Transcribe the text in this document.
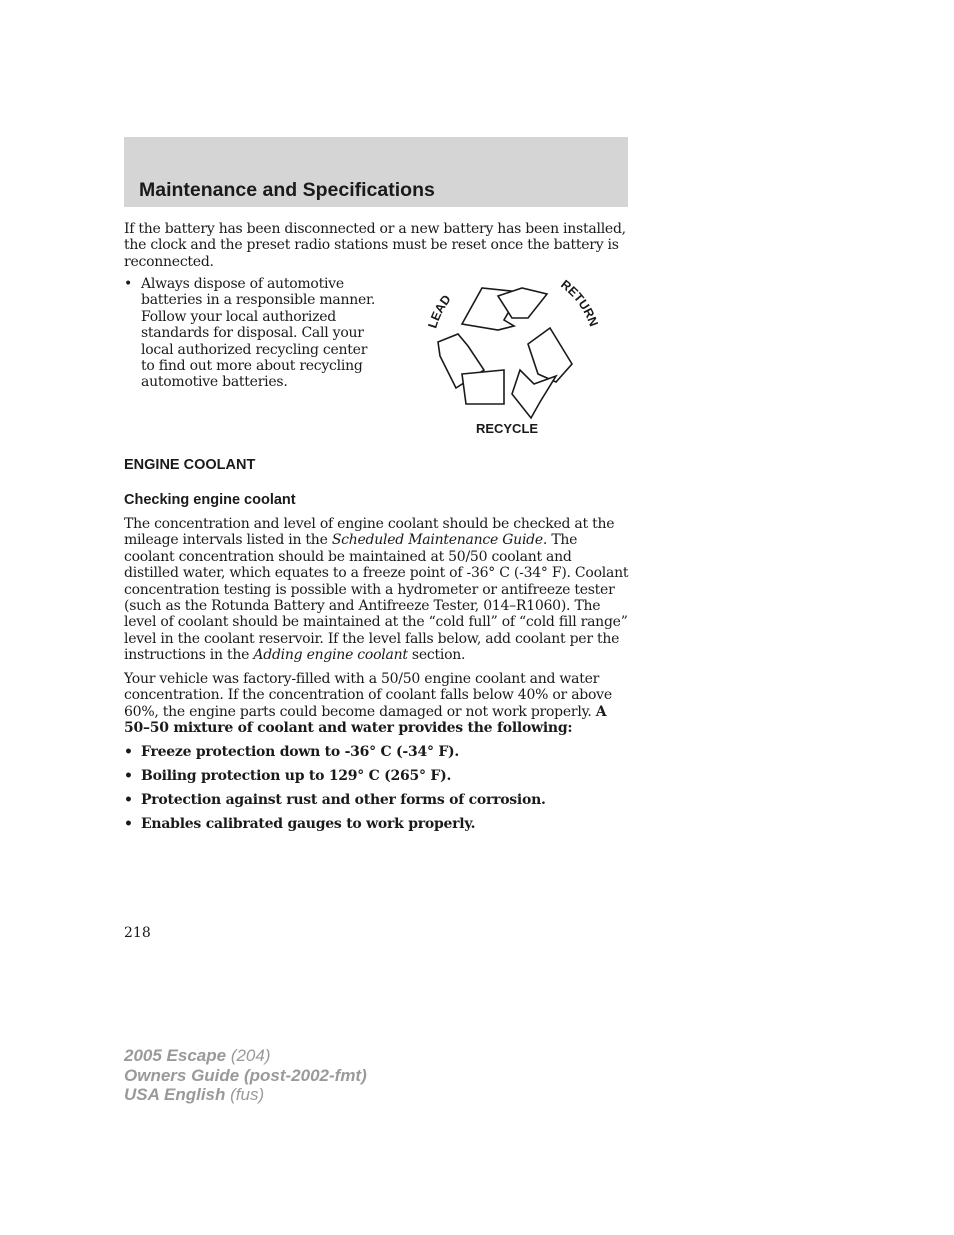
Maintenance and Specifications

If the battery has been disconnected or a new battery has been installed, the clock and the preset radio stations must be reset once the battery is reconnected.

• Always dispose of automotive
batteries in a responsible manner.
Follow your local authorized
standards for disposal. Call your
local authorized recycling center
to find out more about recycling
automotive batteries.
LEAD
RETURN
RECYCLE
ENGINE COOLANT
Checking engine coolant

The concentration and level of engine coolant should be checked at the mileage intervals listed in the Scheduled Maintenance Guide. The coolant concentration should be maintained at 50/50 coolant and distilled water, which equates to a freeze point of -36° C (-34° F). Coolant concentration testing is possible with a hydrometer or antifreeze tester (such as the Rotunda Battery and Antifreeze Tester, 014–R1060). The level of coolant should be maintained at the “cold full” of “cold fill range” level in the coolant reservoir. If the level falls below, add coolant per the instructions in the Adding engine coolant section.

Your vehicle was factory-filled with a 50/50 engine coolant and water concentration. If the concentration of coolant falls below 40% or above 60%, the engine parts could become damaged or not work properly. A 50–50 mixture of coolant and water provides the following:

• Freeze protection down to -36° C (-34° F).
• Boiling protection up to 129° C (265° F).
• Protection against rust and other forms of corrosion.
• Enables calibrated gauges to work properly.

218

2005 Escape (204)
Owners Guide (post-2002-fmt)
USA English (fus)
